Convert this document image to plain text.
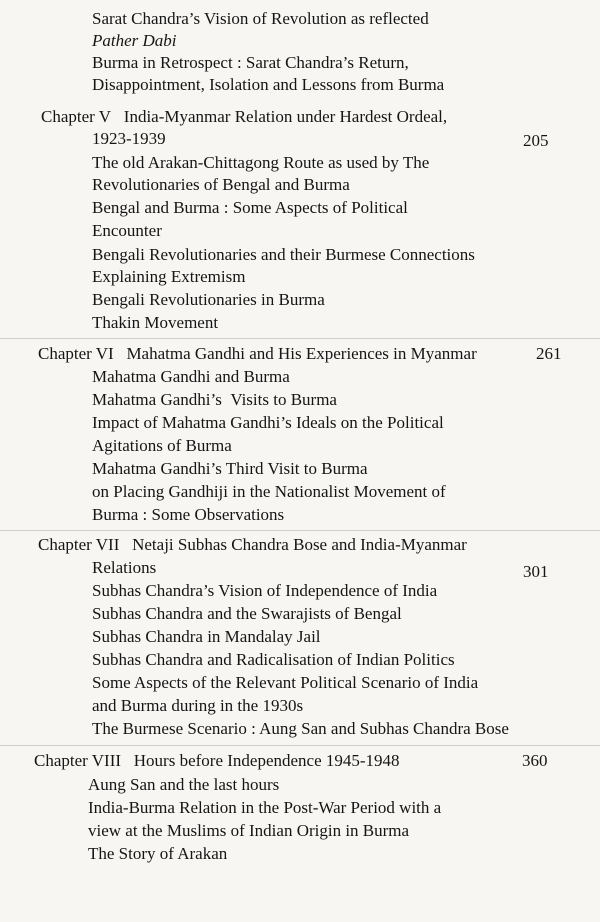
Sarat Chandra’s Vision of Revolution as reflected
Pather Dabi
Burma in Retrospect : Sarat Chandra’s Return,
Disappointment, Isolation and Lessons from Burma
Chapter V  India-Myanmar Relation under Hardest Ordeal,
1923-1939	205
The old Arakan-Chittagong Route as used by The
Revolutionaries of Bengal and Burma
Bengal and Burma : Some Aspects of Political
Encounter
Bengali Revolutionaries and their Burmese Connections
Explaining Extremism
Bengali Revolutionaries in Burma
Thakin Movement
Chapter VI  Mahatma Gandhi and His Experiences in Myanmar	261
Mahatma Gandhi and Burma
Mahatma Gandhi’s Visits to Burma
Impact of Mahatma Gandhi’s Ideals on the Political
Agitations of Burma
Mahatma Gandhi’s Third Visit to Burma
on Placing Gandhiji in the Nationalist Movement of
Burma : Some Observations
Chapter VII  Netaji Subhas Chandra Bose and India-Myanmar
Relations	301
Subhas Chandra’s Vision of Independence of India
Subhas Chandra and the Swarajists of Bengal
Subhas Chandra in Mandalay Jail
Subhas Chandra and Radicalisation of Indian Politics
Some Aspects of the Relevant Political Scenario of India
and Burma during in the 1930s
The Burmese Scenario : Aung San and Subhas Chandra Bose
Chapter VIII  Hours before Independence 1945-1948	360
Aung San and the last hours
India-Burma Relation in the Post-War Period with a
view at the Muslims of Indian Origin in Burma
The Story of Arakan
